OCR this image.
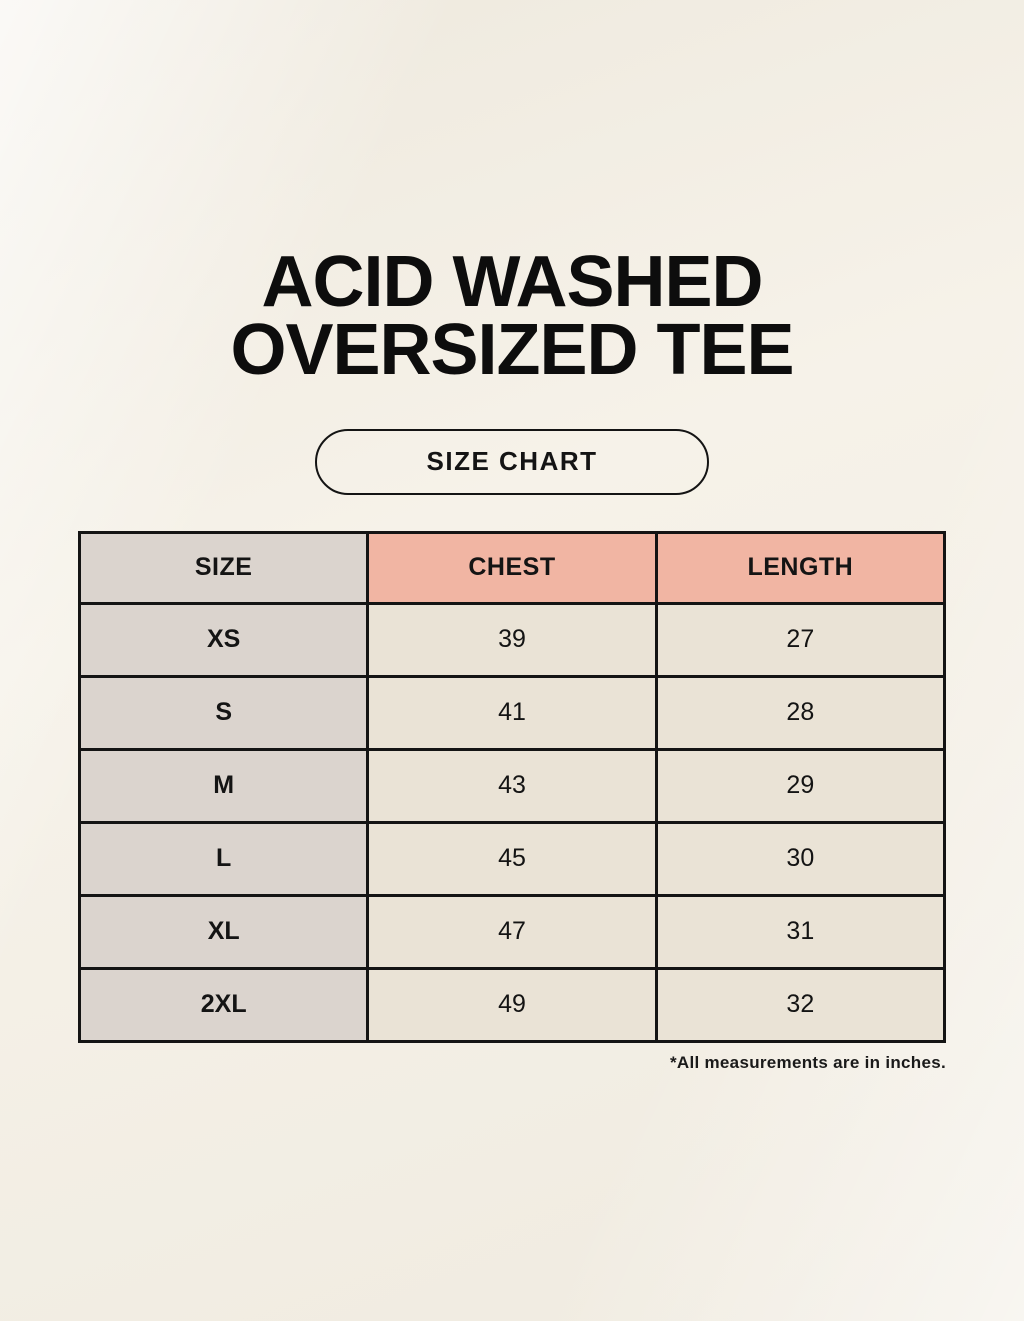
ACID WASHED
OVERSIZED TEE
SIZE CHART
SIZE	CHEST	LENGTH
XS	39	27
S	41	28
M	43	29
L	45	30
XL	47	31
2XL	49	32
*All measurements are in inches.
